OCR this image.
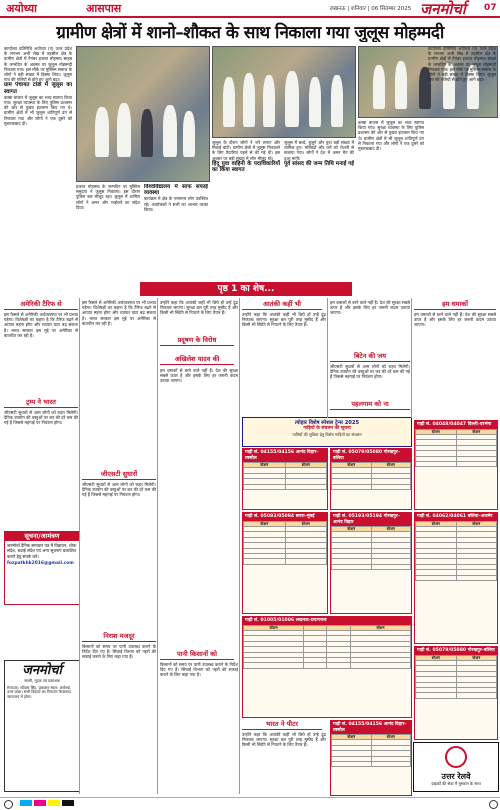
अयोध्या	आसपास	लखनऊ | शनिवार | 06 सितम्बर 2025 जनमोर्चा 07
ग्रामीण क्षेत्रों में शानो–शौकत के साथ निकाला गया जुलूस मोहम्मदी
कार्यालय प्रतिनिधि अयोध्या (ए) उत्तर प्रदेश के लगभग अभी लेख में तहसील क्षेत्र के ग्रामीण क्षेत्रों में पैगंबर हजरत मोहम्मद साहब के जन्मदिन के अवसर पर जुलूस मोहम्मदी निकाला गया। इस मौके पर मुस्लिम समाज के लोगों ने बड़ी संख्या में हिस्सा लिया। जुलूस गांव की गलियों से होते हुए आगे बढ़ा।
ग्राम पंचायत टांडा में जुलूस का स्वागत
कस्बा बाजार में जुलूस का भव्य स्वागत किया गया। सुरक्षा व्यवस्था के लिए पुलिस प्रशासन की ओर से पुख्ता इंतजाम किए गए थे। ग्रामीण क्षेत्रों में भी जुलूस शांतिपूर्ण ढंग से निकाला गया और लोगों ने एक दूसरे को मुबारकबाद दी।
हजरत मोहम्मद के जन्मदिन पर मुस्लिम समुदाय ने जुलूस निकाला। इस दौरान पुलिस बल मौजूद रहा। जुलूस में शामिल लोगों ने अमन और भाईचारे का संदेश दिया।
विश्वविद्यालय में साफ सफाई व्यवस्था
कार्यक्रम में क्षेत्र के गणमान्य लोग उपस्थित रहे। आयोजकों ने सभी का आभार व्यक्त किया।
जुलूस के दौरान लोगों ने नारे लगाए और मिठाई बांटी। ग्रामीण क्षेत्रों में जुलूस निकालने के लिए तैयारियां पहले से की गई थीं। इस अवसर पर बड़ी संख्या में लोग मौजूद रहे।
हिंदू युवा वाहिनी के पदाधिकारियों का किया स्वागत
जुलूस में बच्चे, बुजुर्ग और युवा बड़ी संख्या में शामिल हुए। मस्जिदों और घरों को रोशनी से सजाया गया। लोगों ने देश में अमन चैन की दुआ मांगी।
पूर्व सांसद की जन्म तिथि मनाई गई
कस्बा बाजार में जुलूस का भव्य स्वागत किया गया। सुरक्षा व्यवस्था के लिए पुलिस प्रशासन की ओर से पुख्ता इंतजाम किए गए थे। ग्रामीण क्षेत्रों में भी जुलूस शांतिपूर्ण ढंग से निकाला गया और लोगों ने एक दूसरे को मुबारकबाद दी।
कार्यालय प्रतिनिधि अयोध्या (ए) उत्तर प्रदेश के लगभग अभी लेख में तहसील क्षेत्र के ग्रामीण क्षेत्रों में पैगंबर हजरत मोहम्मद साहब के जन्मदिन के अवसर पर जुलूस मोहम्मदी निकाला गया। इस मौके पर मुस्लिम समाज के लोगों ने बड़ी संख्या में हिस्सा लिया। जुलूस गांव की गलियों से होते हुए आगे बढ़ा।
पृष्ठ 1 का शेष...
अमेरिकी टैरिफ से
ट्रम्प ने भारत
अखिलेश यादव की
जीएसटी सुधारों
प्रदूषण के विरोध
निराश मजदूर
पानी किसानों को
आतंकी कहीं भी	हम धमाकों
बिटेन की जय
पहलगाम को ना
भारत ने पीटर
इस फैसले से अमेरिकी अर्थव्यवस्था पर भी प्रभाव पड़ेगा। विशेषज्ञों का कहना है कि टैरिफ बढ़ने से आयात महंगा होगा और व्यापार घाटा बढ़ सकता है। भारत सरकार इस मुद्दे पर अमेरिका से बातचीत कर रही है।
जीएसटी सुधारों से आम लोगों को राहत मिलेगी। दैनिक उपयोग की वस्तुओं पर कर की दरें कम की गई हैं जिससे महंगाई पर नियंत्रण होगा।
इस फैसले से अमेरिकी अर्थव्यवस्था पर भी प्रभाव पड़ेगा। विशेषज्ञों का कहना है कि टैरिफ बढ़ने से आयात महंगा होगा और व्यापार घाटा बढ़ सकता है। भारत सरकार इस मुद्दे पर अमेरिका से बातचीत कर रही है।
जीएसटी सुधारों से आम लोगों को राहत मिलेगी। दैनिक उपयोग की वस्तुओं पर कर की दरें कम की गई हैं जिससे महंगाई पर नियंत्रण होगा।
किसानों को समय पर पानी उपलब्ध कराने के निर्देश दिए गए हैं। सिंचाई विभाग को नहरों की सफाई कराने के लिए कहा गया है।
उन्होंने कहा कि आतंकी कहीं भी छिपे हों उन्हें ढूंढ निकाला जाएगा। सुरक्षा बल पूरी तरह मुस्तैद हैं और किसी भी स्थिति से निपटने के लिए तैयार हैं।
हम धमाकों से डरने वाले नहीं हैं। देश की सुरक्षा सबसे ऊपर है और इसके लिए हर जरूरी कदम उठाया जाएगा।
किसानों को समय पर पानी उपलब्ध कराने के निर्देश दिए गए हैं। सिंचाई विभाग को नहरों की सफाई कराने के लिए कहा गया है।
उन्होंने कहा कि आतंकी कहीं भी छिपे हों उन्हें ढूंढ निकाला जाएगा। सुरक्षा बल पूरी तरह मुस्तैद हैं और किसी भी स्थिति से निपटने के लिए तैयार हैं।
हम धमाकों से डरने वाले नहीं हैं। देश की सुरक्षा सबसे ऊपर है और इसके लिए हर जरूरी कदम उठाया जाएगा।
जीएसटी सुधारों से आम लोगों को राहत मिलेगी। दैनिक उपयोग की वस्तुओं पर कर की दरें कम की गई हैं जिससे महंगाई पर नियंत्रण होगा।
हम धमाकों से डरने वाले नहीं हैं। देश की सुरक्षा सबसे ऊपर है और इसके लिए हर जरूरी कदम उठाया जाएगा।
उन्होंने कहा कि आतंकी कहीं भी छिपे हों उन्हें ढूंढ निकाला जाएगा। सुरक्षा बल पूरी तरह मुस्तैद हैं और किसी भी स्थिति से निपटने के लिए तैयार हैं।
सूचना/आमंत्रण
जनमोर्चा दैनिक समाचार पत्र में विज्ञापन, शोक संदेश, बधाई संदेश एवं अन्य सूचनाएं प्रकाशित कराने हेतु संपर्क करें।
fozpatkhk2016@gmail.com
जनमोर्चा
स्वामी, मुद्रक एवं प्रकाशक
संपादक: शीतला सिंह, प्रकाशन स्थल: अयोध्या, उत्तर प्रदेश। सभी विवादों का निपटारा फैजाबाद न्यायालय में होगा।
त्योहार विशेष स्पेशल ट्रेन्स 2025
गाड़ियों के संचलन की सूचना
यात्रियों की सुविधा हेतु विशेष गाड़ियों का संचलन
गाड़ी सं. 04155/04156 आनंद विहार–रक्सौल
स्टेशन	स्टेशन

गाड़ी सं. 05079/05080 गोरखपुर–बलिया
स्टेशन	स्टेशन

गाड़ी सं. 04048/04047 दिल्ली–दरभंगा
स्टेशन	स्टेशन

गाड़ी सं. 05083/05084 छपरा–मुंबई
स्टेशन	स्टेशन

गाड़ी सं. 05193/05194 गोरखपुर–आनंद विहार
स्टेशन	स्टेशन

गाड़ी सं. 04062/04061 बलिया–अजमेर
स्टेशन	स्टेशन

गाड़ी सं. 01005/01006 लखनऊ–प्रयागराज
स्टेशन			स्टेशन

गाड़ी सं. 04155/04156 आनंद विहार–रक्सौल
स्टेशन	स्टेशन

गाड़ी सं. 05079/05080 गोरखपुर–बलिया
स्टेशन	स्टेशन

उत्तर रेलवे
ग्राहकों की सेवा में मुस्कान के साथ
